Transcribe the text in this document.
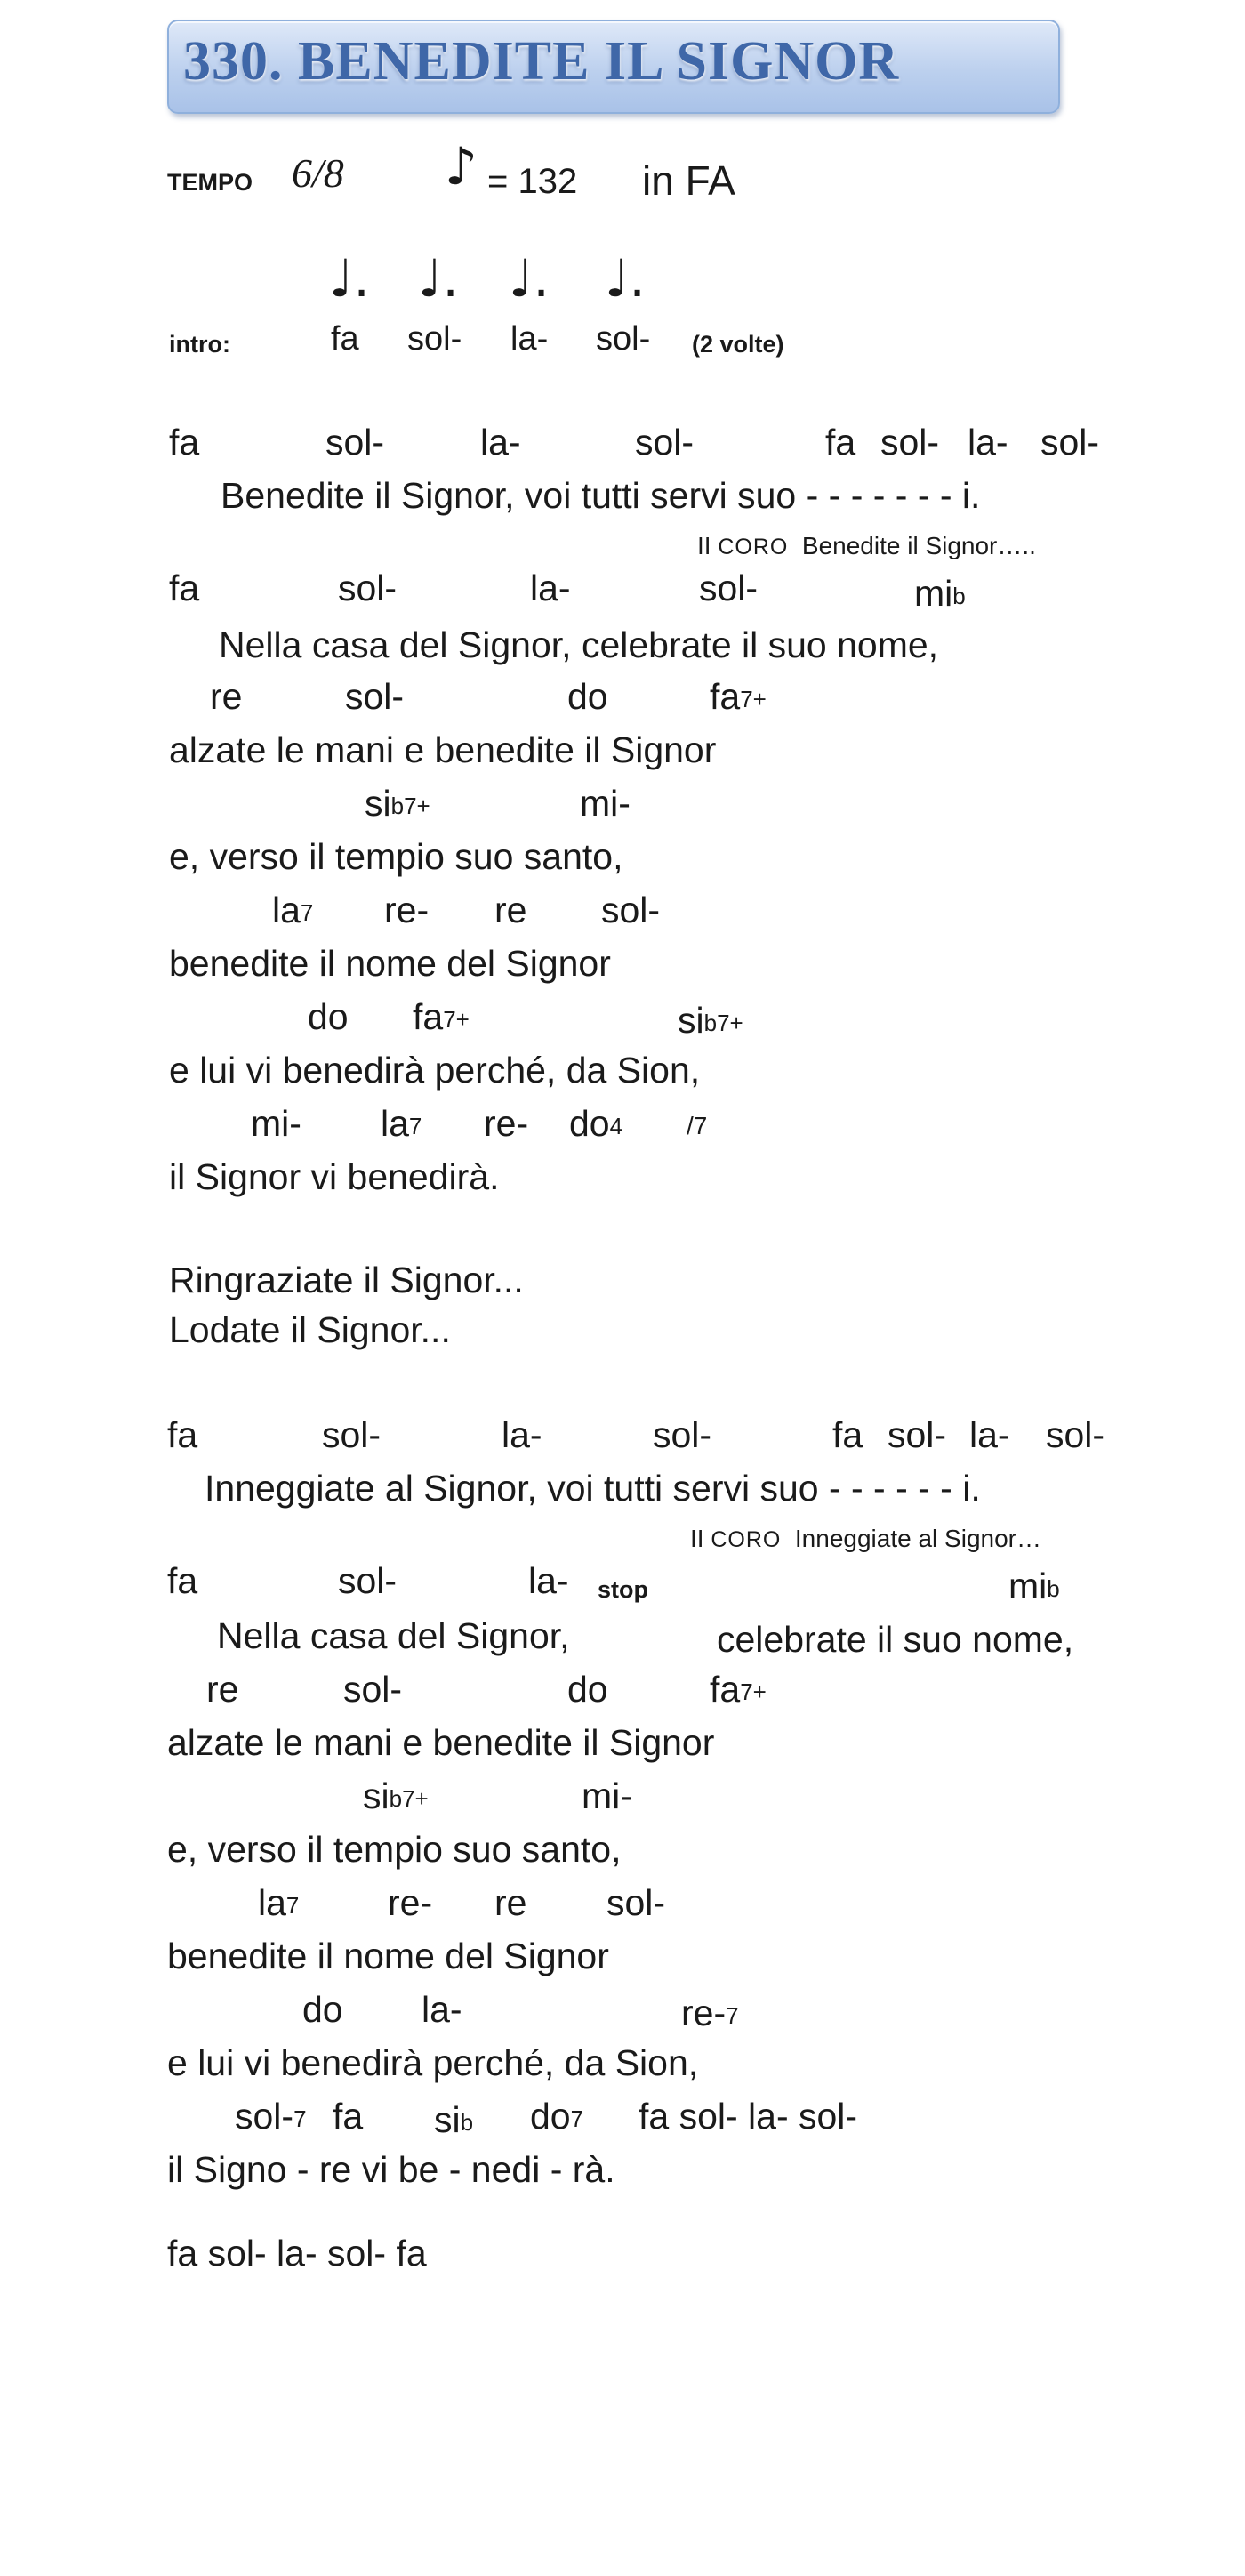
330. BENEDITE IL SIGNOR
TEMPO 6/8 ♪ = 132 in FA
♩. ♩. ♩. ♩.
intro:	fa sol- la- sol- (2 volte)
fa	sol-	la-	sol-	fa sol- la- sol-
Benedite il Signor, voi tutti servi suo - - - - - - - i.
II CORO Benedite il Signor…..
fa	sol-	la-	sol-	$mi_b$
Nella casa del Signor, celebrate il suo nome,
re	sol-	do	$fa_{7+}$
alzate le mani e benedite il Signor
$si_{b7+}$	mi-
e, verso il tempio suo santo,
$la_7$ re- re sol-
benedite il nome del Signor
do $fa_{7+}$	$si_{b7+}$
e lui vi benedirà perché, da Sion,
mi- $la_7$ re- $do_4$	/7
il Signor vi benedirà.
Ringraziate il Signor...
Lodate il Signor...
fa	sol-	la-	sol-	fa sol- la- sol-
Inneggiate al Signor, voi tutti servi suo - - - - - - i.
II CORO Inneggiate al Signor…
fa	sol-	la- stop	$mi_b$
Nella casa del Signor,	celebrate il suo nome,
re	sol-	do	$fa_{7+}$
alzate le mani e benedite il Signor
$si_{b7+}$	mi-
e, verso il tempio suo santo,
$la_7$ re- re sol-
benedite il nome del Signor
do la-	$re-_7$
e lui vi benedirà perché, da Sion,
sol-$_7$ fa $si_b$ $do_7$ fa sol- la- sol-
il Signo - re vi be - nedi - rà.
fa sol- la- sol- fa
